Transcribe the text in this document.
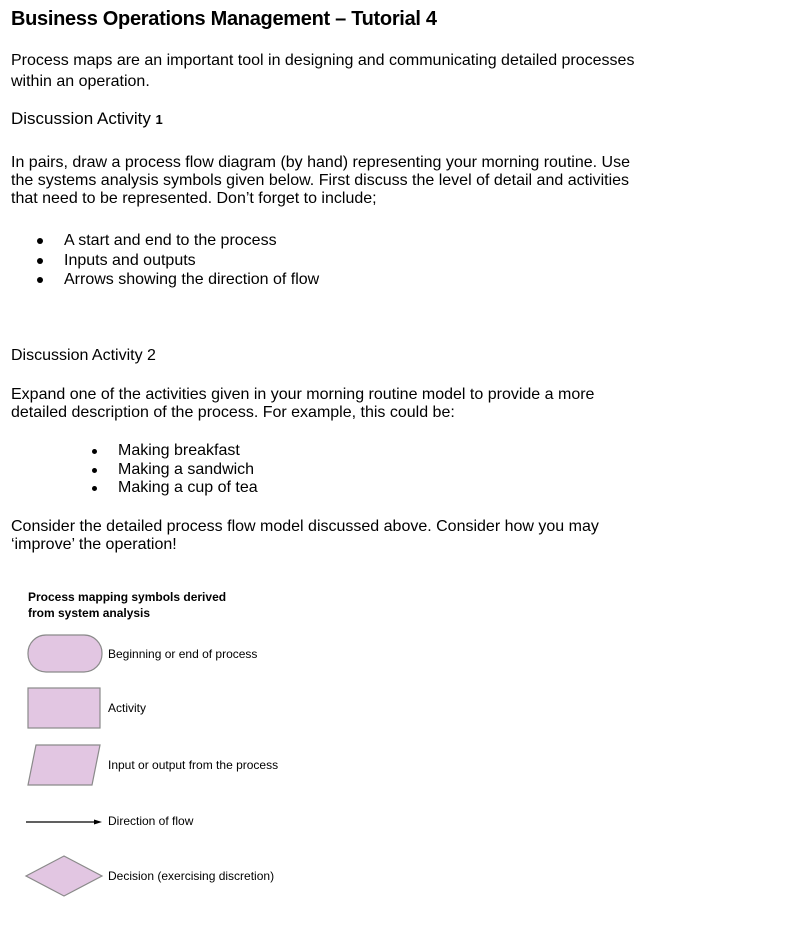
Business Operations Management – Tutorial 4
Process maps are an important tool in designing and communicating detailed processes
within an operation.
Discussion Activity 1
In pairs, draw a process flow diagram (by hand) representing your morning routine. Use
the systems analysis symbols given below. First discuss the level of detail and activities
that need to be represented. Don’t forget to include;
A start and end to the process
Inputs and outputs
Arrows showing the direction of flow
Discussion Activity 2
Expand one of the activities given in your morning routine model to provide a more
detailed description of the process. For example, this could be:
Making breakfast
Making a sandwich
Making a cup of tea
Consider the detailed process flow model discussed above. Consider how you may
‘improve’ the operation!
Process mapping symbols derived
from system analysis
Beginning or end of process
Activity
Input or output from the process
Direction of flow
Decision (exercising discretion)
